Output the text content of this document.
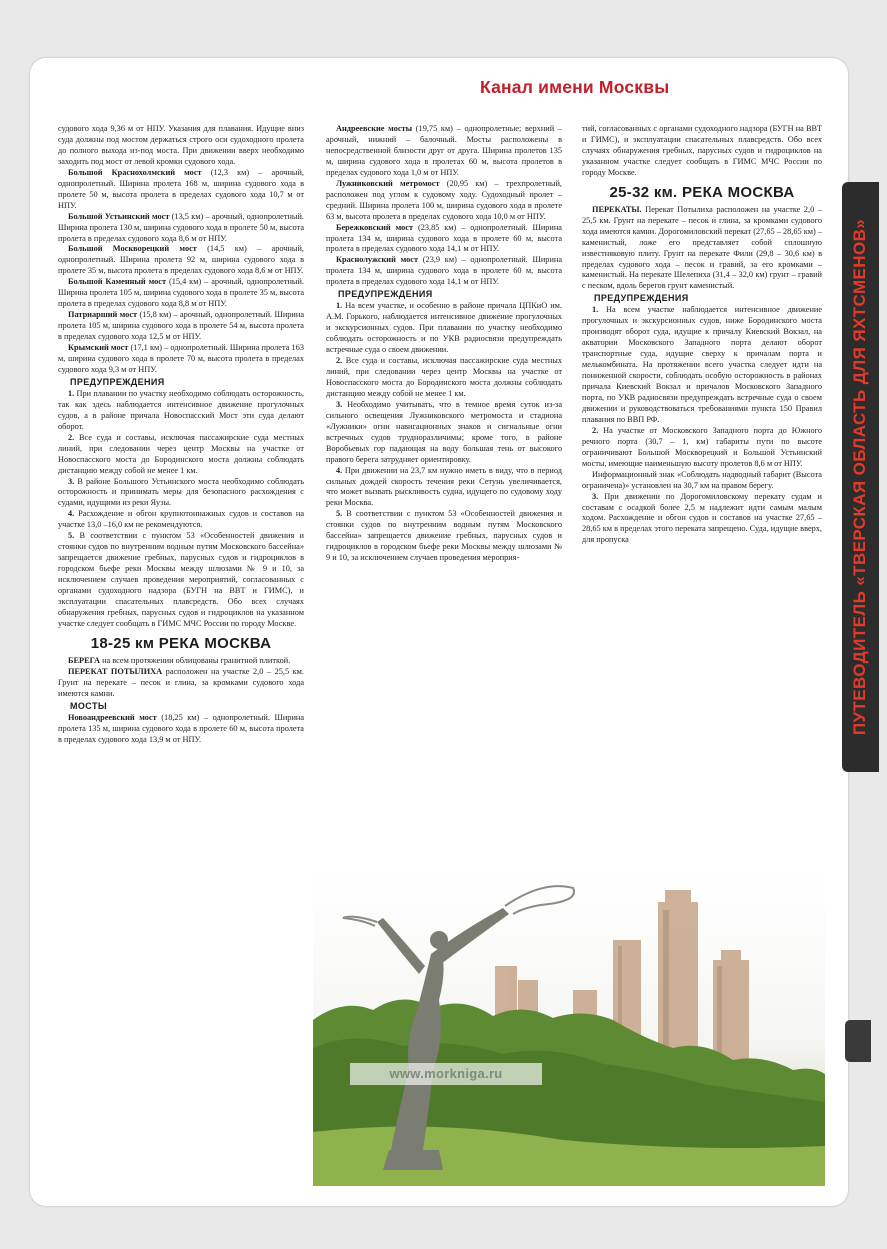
Канал имени Москвы

судового хода 9,36 м от НПУ. Указания для плавания. Идущие вниз суда должны под мостом держаться строго оси судоходного пролета до полного выхода из-под моста. При движении вверх необходимо заходить под мост от левой кромки судового хода.

Большой Краснохолмский мост (12,3 км) – арочный, однопролетный. Ширина пролета 168 м, ширина судового хода в пролете 50 м, высота пролета в пределах судового хода 10,7 м от НПУ.

Большой Устьинский мост (13,5 км) – арочный, однопролетный. Ширина пролета 130 м, ширина судового хода в пролете 50 м, высота пролета в пределах судового хода 8,6 м от НПУ.

Большой Москворецкий мост (14,5 км) – арочный, однопролетный. Ширина пролета 92 м, ширина судового хода в пролете 35 м, высота пролета в пределах судового хода 8,6 м от НПУ.

Большой Каменный мост (15,4 км) – арочный, однопролетный. Ширина пролета 105 м, ширина судового хода в пролете 35 м, высота пролета в пределах судового хода 8,8 м от НПУ.

Патриарший мост (15,8 км) – арочный, однопролетный. Ширина пролета 105 м, ширина судового хода в пролете 54 м, высота пролета в пределах судового хода 12,5 м от НПУ.

Крымский мост (17,1 км) – однопролетный. Ширина пролета 163 м, ширина судового хода в пролете 70 м, высота пролета в пределах судового хода 9,3 м от НПУ.

ПРЕДУПРЕЖДЕНИЯ

1. При плавании по участку необходимо соблюдать осторожность, так как здесь наблюдается интенсивное движение прогулочных судов, а в районе причала Новоспасский Мост эти суда делают оборот.

2. Все суда и составы, исключая пассажирские суда местных линий, при следовании через центр Москвы на участке от Новоспасского моста до Бородинского моста должны соблюдать дистанцию между собой не менее 1 км.

3. В районе Большого Устьинского моста необходимо соблюдать осторожность и принимать меры для безопасного расхождения с судами, идущими из реки Яузы.

4. Расхождение и обгон крупнотоннажных судов и составов на участке 13,0 –16,0 км не рекомендуются.

5. В соответствии с пунктом 53 «Особенностей движения и стоянки судов по внутренним водным путям Московского бассейна» запрещается движение гребных, парусных судов и гидроциклов в городском бьефе реки Москвы между шлюзами № 9 и 10, за исключением случаев проведения мероприятий, согласованных с органами судоходного надзора (БУГН на ВВТ и ГИМС), и эксплуатации спасательных плавсредств. Обо всех случаях обнаружения гребных, парусных судов и гидроциклов на указанном участке следует сообщать в ГИМС МЧС России по городу Москве.

18-25 км РЕКА МОСКВА

БЕРЕГА на всем протяжении облицованы гранитной плиткой.

ПЕРЕКАТ ПОТЫЛИХА расположен на участке 2,0 – 25,5 км. Грунт на перекате – песок и глина, за кромками судового хода имеются камни.

МОСТЫ

Новоандреевский мост (18,25 км) – однопролетный. Ширина пролета 135 м, ширина судового хода в пролете 60 м, высота пролета в пределах судового хода 13,9 м от НПУ.

Андреевские мосты (19,75 км) – однопролетные; верхний – арочный, нижний – балочный. Мосты расположены в непосредственной близости друг от друга. Ширина пролетов 135 м, ширина судового хода в пролетах 60 м, высота пролетов в пределах судового хода 1,0 м от НПУ.

Лужниковский метромост (20,95 км) – трехпролетный, расположен под углом к судовому ходу. Судоходный пролет – средний. Ширина пролета 100 м, ширина судового хода в пролете 63 м, высота пролета в пределах судового хода 10,0 м от НПУ.

Бережковский мост (23,85 км) – однопролетный. Ширина пролета 134 м, ширина судового хода в пролете 60 м, высота пролета в пределах судового хода 14,1 м от НПУ.

Краснолужский мост (23,9 км) – однопролетный. Ширина пролета 134 м, ширина судового хода в пролете 60 м, высота пролета в пределах судового хода 14,1 м от НПУ.

ПРЕДУПРЕЖДЕНИЯ

1. На всем участке, и особенно в районе причала ЦПКиО им. А.М. Горького, наблюдается интенсивное движение прогулочных и экскурсионных судов. При плавании по участку необходимо соблюдать осторожность и по УКВ радиосвязи предупреждать встречные суда о своем движении.

2. Все суда и составы, исключая пассажирские суда местных линий, при следовании через центр Москвы на участке от Новоспасского моста до Бородинского моста должны соблюдать дистанцию между собой не менее 1 км.

3. Необходимо учитывать, что в темное время суток из-за сильного освещения Лужниковского метромоста и стадиона «Лужники» огни навигационных знаков и сигнальные огни встречных судов трудноразличимы; кроме того, в районе Воробьевых гор падающая на воду большая тень от высокого правого берега затрудняет ориентировку.

4. При движении на 23,7 км нужно иметь в виду, что в период сильных дождей скорость течения реки Сетунь увеличивается, что может вызвать рыскливость судна, идущего по судовому ходу реки Москва.

5. В соответствии с пунктом 53 «Особенностей движения и стоянки судов по внутренним водным путям Московского бассейна» запрещается движение гребных, парусных судов и гидроциклов в городском бьефе реки Москвы между шлюзами № 9 и 10, за исключением случаев проведения мероприя-

тий, согласованных с органами судоходного надзора (БУГН на ВВТ и ГИМС), и эксплуатации спасательных плавсредств. Обо всех случаях обнаружения гребных, парусных судов и гидроциклов на указанном участке следует сообщать в ГИМС МЧС России по городу Москве.

25-32 км. РЕКА МОСКВА

ПЕРЕКАТЫ. Перекат Потылиха расположен на участке 2,0 – 25,5 км. Грунт на перекате – песок и глина, за кромками судового хода имеются камни. Дорогомиловский перекат (27,65 – 28,65 км) – каменистый, ложе его представляет собой сплошную известняковую плиту. Грунт на перекате Фили (29,8 – 30,6 км) в пределах судового хода – песок и гравий, за его кромками – каменистый. На перекате Шелепиха (31,4 – 32,0 км) грунт – гравий с песком, вдоль берегов грунт каменистый.

ПРЕДУПРЕЖДЕНИЯ

1. На всем участке наблюдается интенсивное движение прогулочных и экскурсионных судов, ниже Бородинского моста производят оборот суда, идущие к причалу Киевский Вокзал, на акватории Московского Западного порта делают оборот транспортные суда, идущие сверху к причалам порта и мелькомбината. На протяжении всего участка следует идти на пониженной скорости, соблюдать особую осторожность в районах причала Киевский Вокзал и причалов Московского Западного порта, по УКВ радиосвязи предупреждать встречные суда о своем движении и руководствоваться требованиями пункта 150 Правил плавания по ВВП РФ.

2. На участке от Московского Западного порта до Южного речного порта (30,7 – 1, км) габариты пути по высоте ограничивают Большой Москворецкий и Большой Устьинский мосты, имеющие наименьшую высоту пролетов 8,6 м от НПУ.

Информационный знак «Соблюдать надводный габарит (Высота ограничена)» установлен на 30,7 км на правом берегу.

3. При движении по Дорогомиловскому перекату судам и составам с осадкой более 2,5 м надлежит идти самым малым ходом. Расхождение и обгон судов и составов на участке 27,65 – 28,65 км в пределах этого переката запрещено. Суда, идущие вверх, для пропуска	ПУТЕВОДИТЕЛЬ «ТВЕРСКАЯ ОБЛАСТЬ ДЛЯ ЯХТСМЕНОВ»
www.morkniga.ru
